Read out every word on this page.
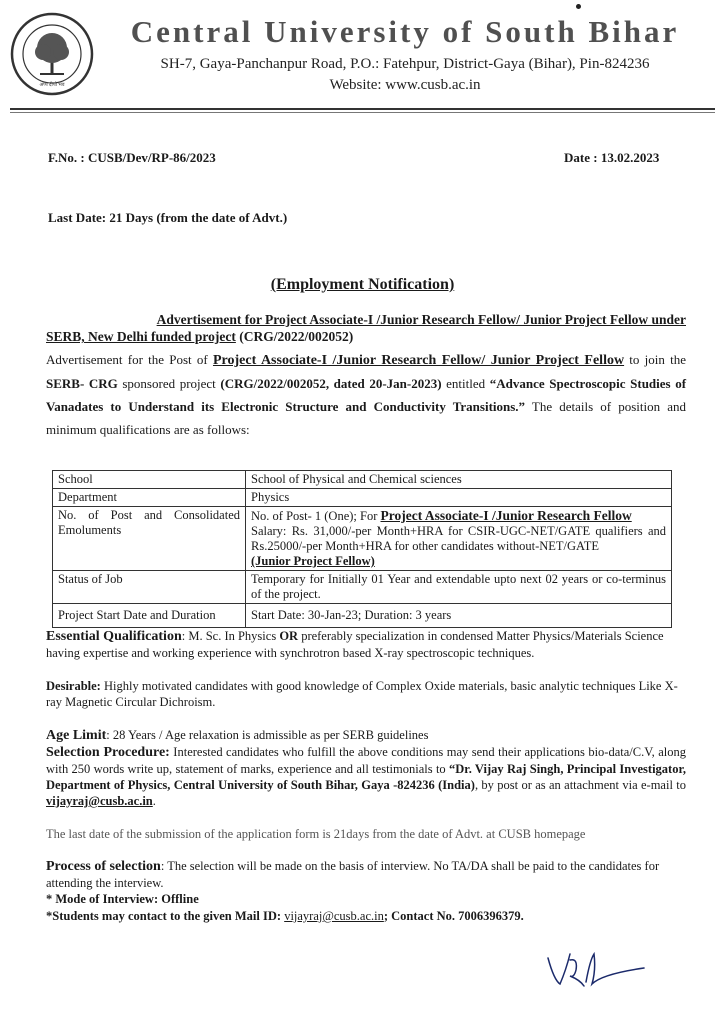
अप्प दीपो भव
Central University of South Bihar
SH-7, Gaya-Panchanpur Road, P.O.: Fatehpur, District-Gaya (Bihar), Pin-824236
Website: www.cusb.ac.in
F.No. : CUSB/Dev/RP-86/2023	Date : 13.02.2023
Last Date: 21 Days (from the date of Advt.)
(Employment Notification)
Advertisement for Project Associate-I /Junior Research Fellow/ Junior Project Fellow under
SERB, New Delhi funded project (CRG/2022/002052)
Advertisement for the Post of Project Associate-I /Junior Research Fellow/ Junior Project Fellow to join the SERB- CRG sponsored project (CRG/2022/002052, dated 20-Jan-2023) entitled “Advance Spectroscopic Studies of Vanadates to Understand its Electronic Structure and Conductivity Transitions.” The details of position and minimum qualifications are as follows:
School	School of Physical and Chemical sciences
Department	Physics
No. of Post and Consolidated Emoluments	No. of Post- 1 (One); For Project Associate-I /Junior Research Fellow
Salary: Rs. 31,000/-per Month+HRA for CSIR-UGC-NET/GATE qualifiers and Rs.25000/-per Month+HRA for other candidates without-NET/GATE
(Junior Project Fellow)
Status of Job	Temporary for Initially 01 Year and extendable upto next 02 years or co-terminus of the project.
Project Start Date and Duration	Start Date: 30-Jan-23; Duration: 3 years
Essential Qualification: M. Sc. In Physics OR preferably specialization in condensed Matter Physics/Materials Science having expertise and working experience with synchrotron based X-ray spectroscopic techniques.
Desirable: Highly motivated candidates with good knowledge of Complex Oxide materials, basic analytic techniques Like X-ray Magnetic Circular Dichroism.
Age Limit: 28 Years / Age relaxation is admissible as per SERB guidelines
Selection Procedure: Interested candidates who fulfill the above conditions may send their applications bio-data/C.V, along with 250 words write up, statement of marks, experience and all testimonials to “Dr. Vijay Raj Singh, Principal Investigator, Department of Physics, Central University of South Bihar, Gaya -824236 (India), by post or as an attachment via e-mail to vijayraj@cusb.ac.in.
The last date of the submission of the application form is 21days from the date of Advt. at CUSB homepage
Process of selection: The selection will be made on the basis of interview. No TA/DA shall be paid to the candidates for attending the interview.
* Mode of Interview: Offline
*Students may contact to the given Mail ID: vijayraj@cusb.ac.in; Contact No. 7006396379.
